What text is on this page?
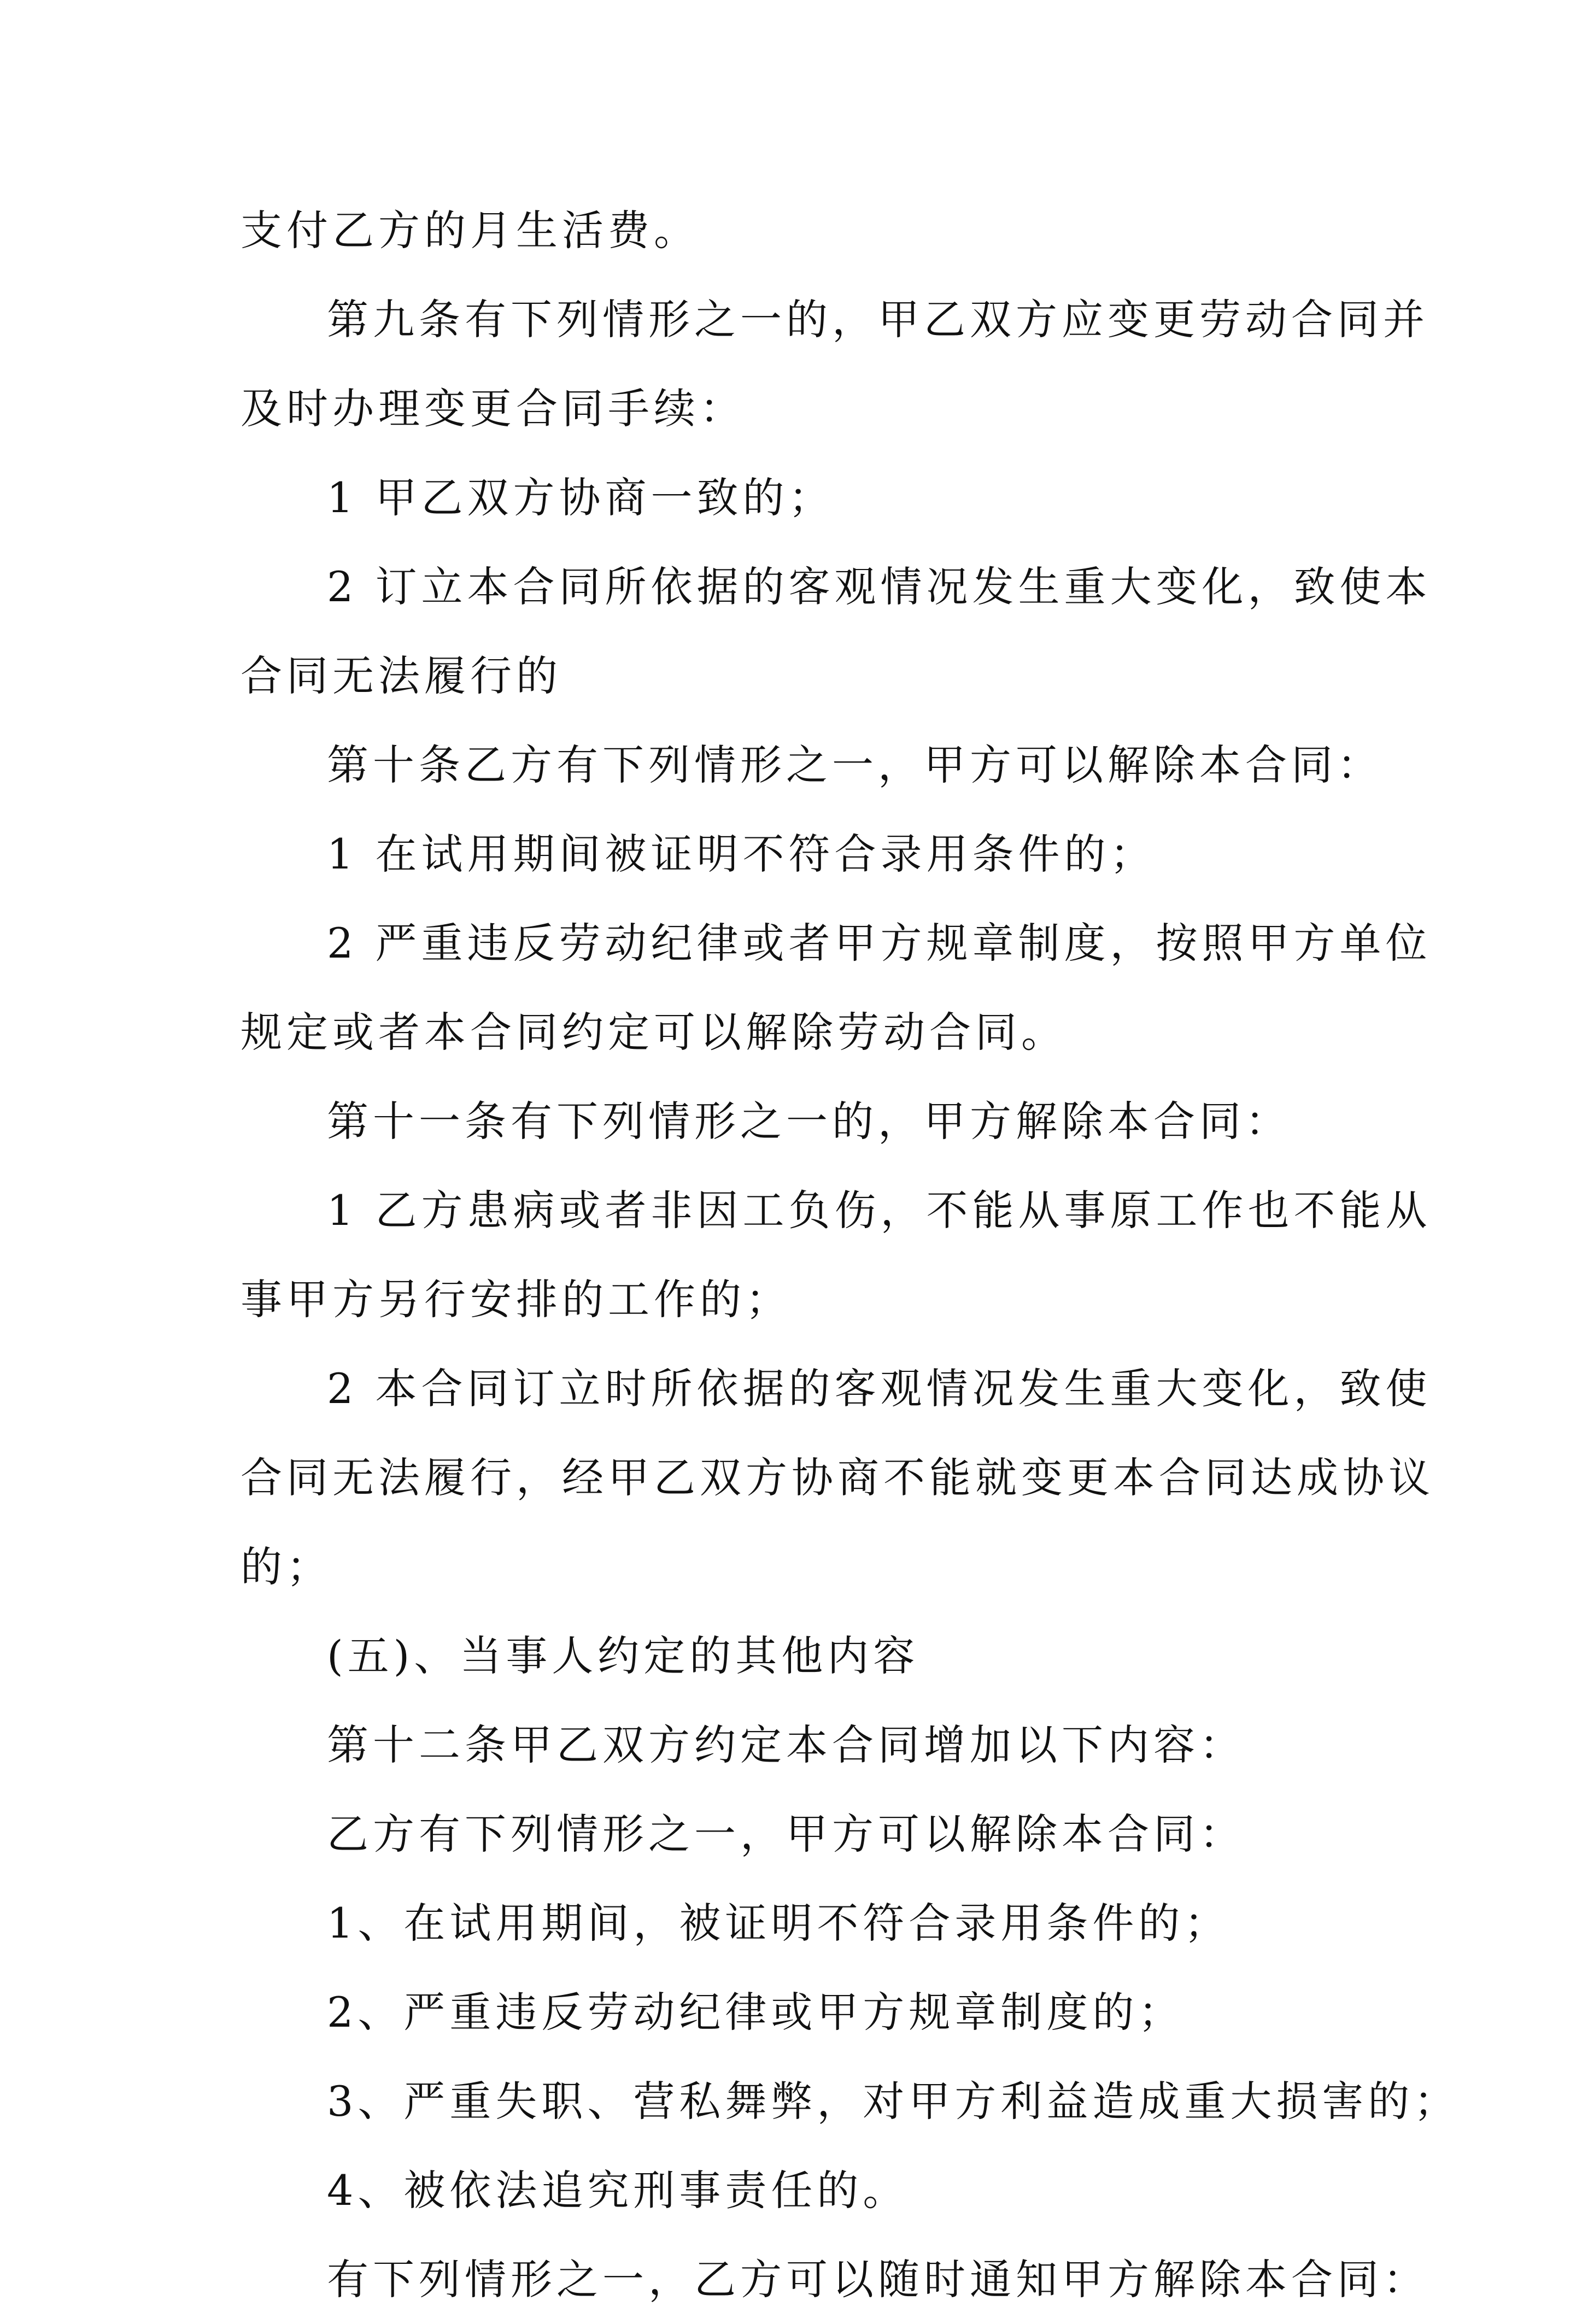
支付乙方的月生活费。
第九条有下列情形之一的，甲乙双方应变更劳动合同并
及时办理变更合同手续：
1 甲乙双方协商一致的；
2 订立本合同所依据的客观情况发生重大变化，致使本
合同无法履行的
第十条乙方有下列情形之一，甲方可以解除本合同：
1 在试用期间被证明不符合录用条件的；
2 严重违反劳动纪律或者甲方规章制度，按照甲方单位
规定或者本合同约定可以解除劳动合同。
第十一条有下列情形之一的，甲方解除本合同：
1 乙方患病或者非因工负伤，不能从事原工作也不能从
事甲方另行安排的工作的；
2 本合同订立时所依据的客观情况发生重大变化，致使
合同无法履行，经甲乙双方协商不能就变更本合同达成协议
的；
(五)、当事人约定的其他内容
第十二条甲乙双方约定本合同增加以下内容：
乙方有下列情形之一，甲方可以解除本合同：
1、在试用期间，被证明不符合录用条件的；
2、严重违反劳动纪律或甲方规章制度的；
3、严重失职、营私舞弊，对甲方利益造成重大损害的；
4、被依法追究刑事责任的。
有下列情形之一，乙方可以随时通知甲方解除本合同：
